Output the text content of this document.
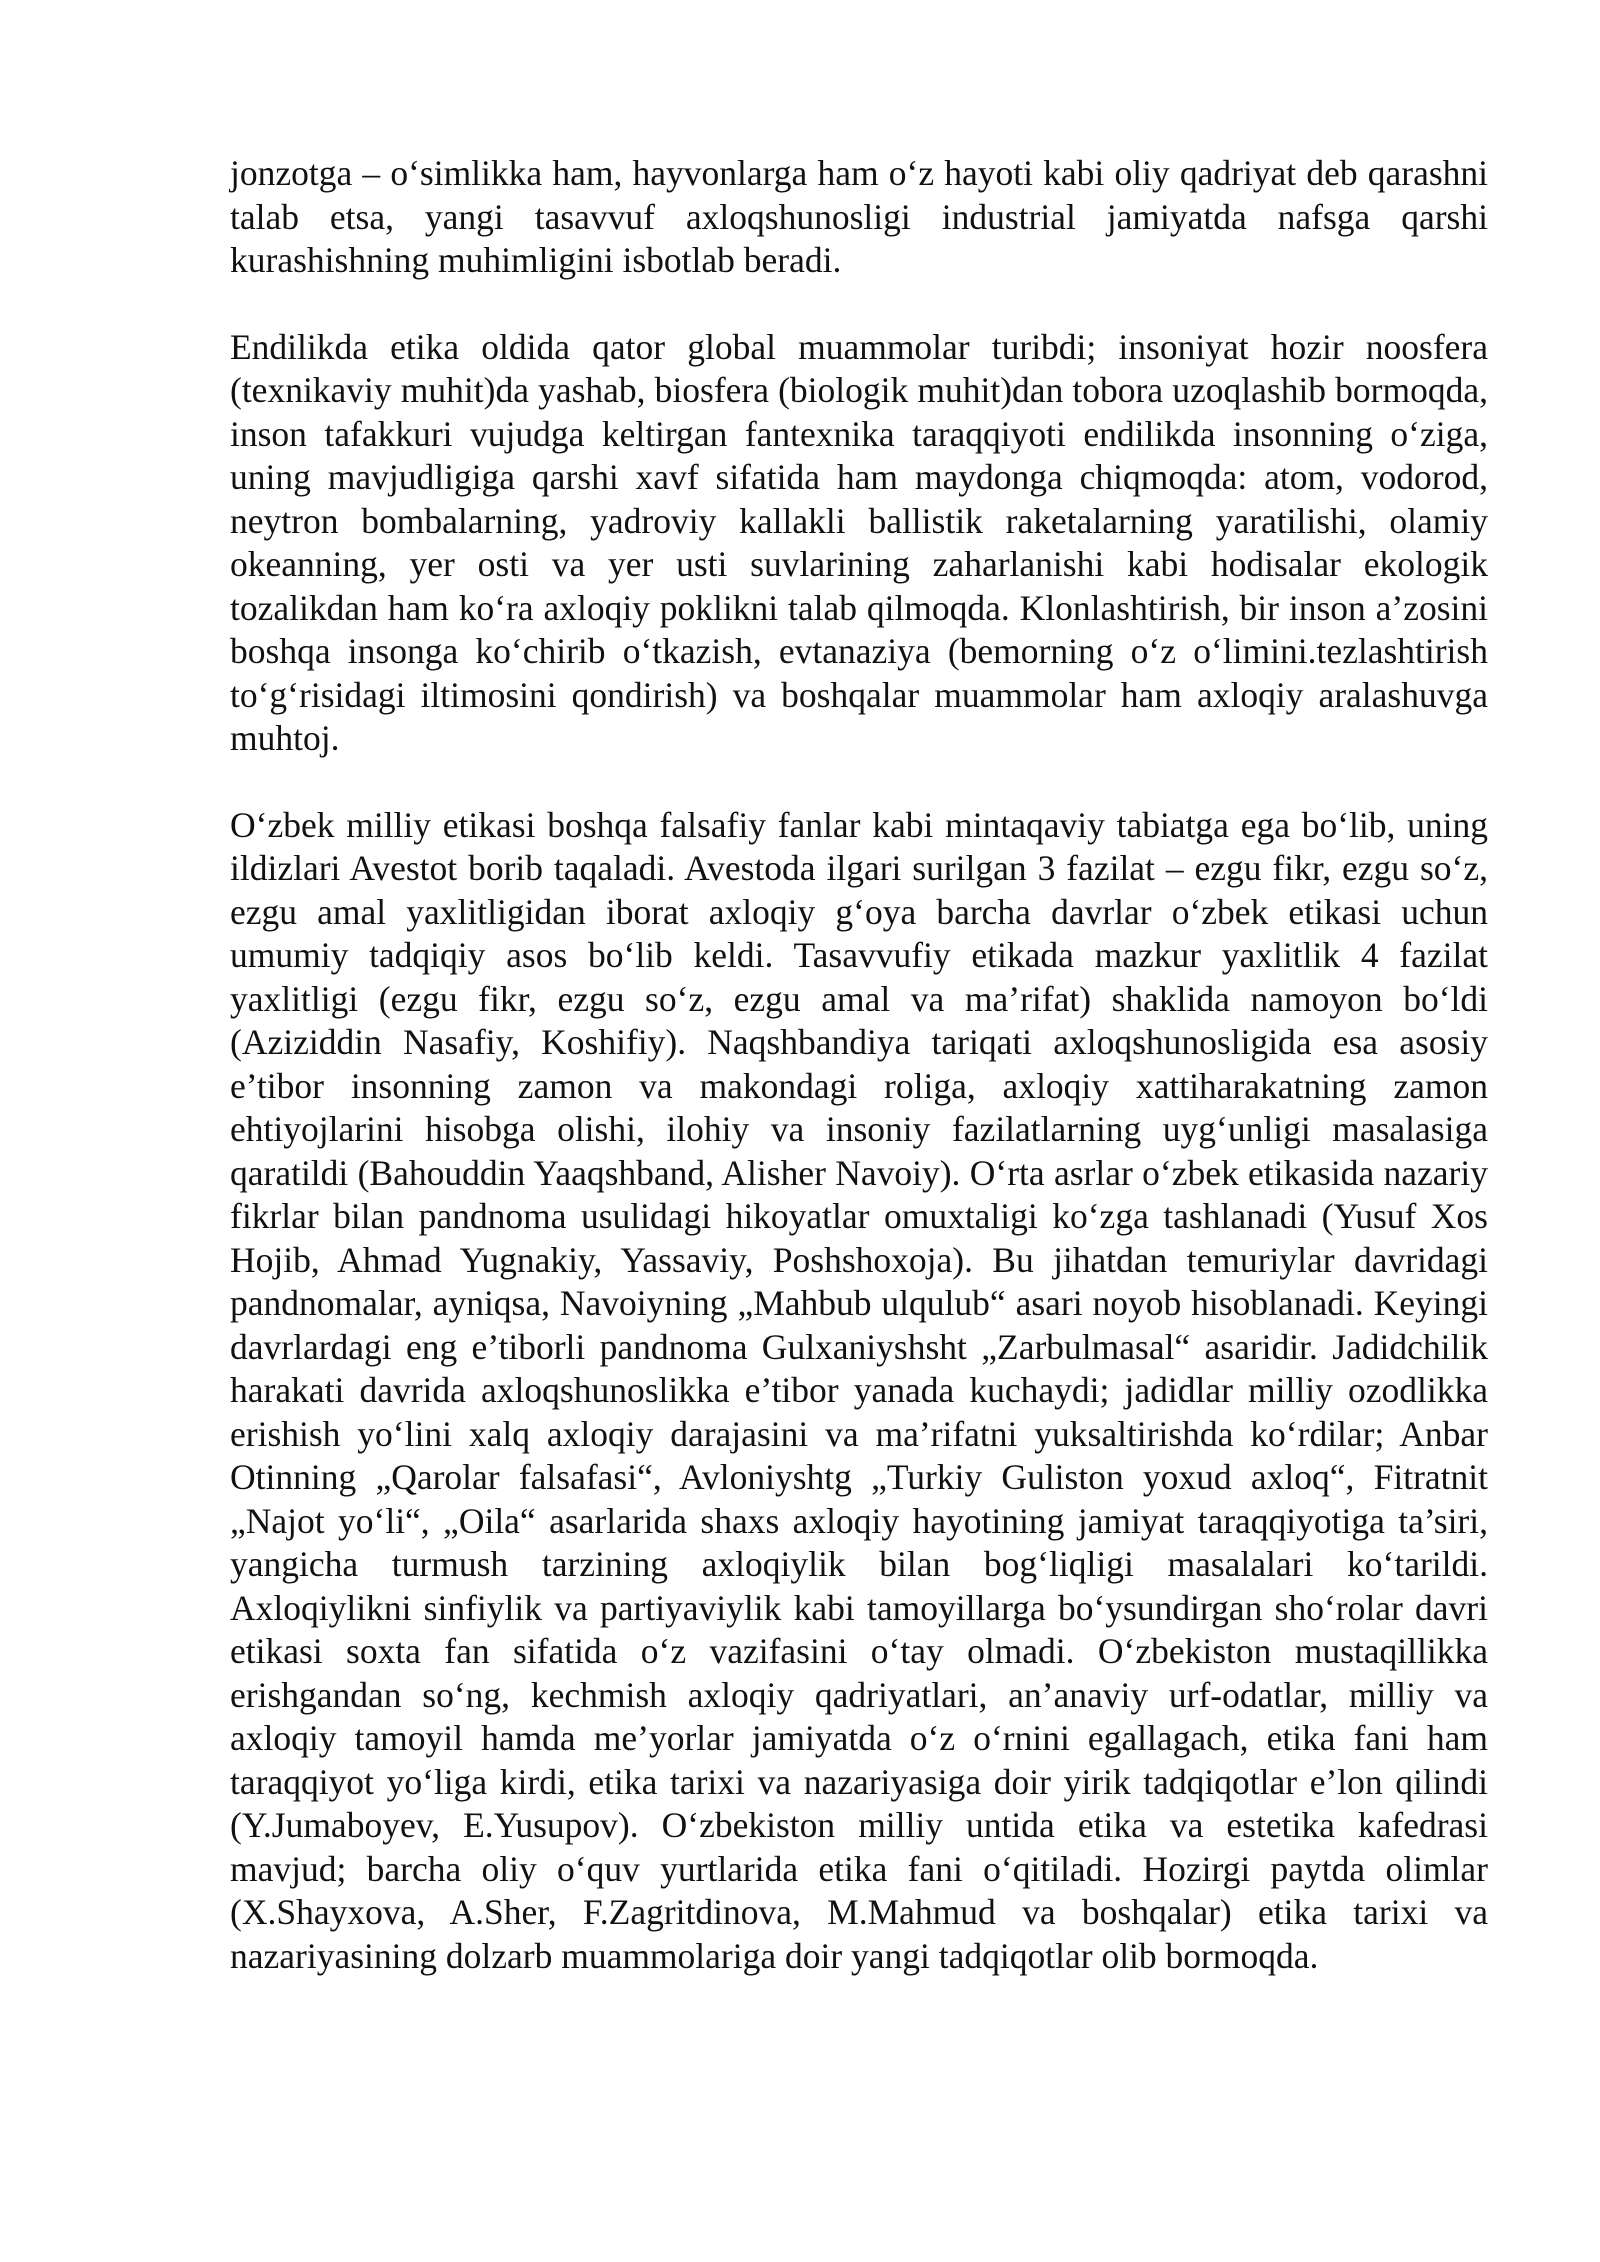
jonzotga – o‘simlikka ham, hayvonlarga ham o‘z hayoti kabi oliy qadriyat deb qarashni talab etsa, yangi tasavvuf axloqshunosligi industrial jamiyatda nafsga qarshi kurashishning muhimligini isbotlab beradi.

Endilikda etika oldida qator global muammolar turibdi; insoniyat hozir noosfera (texnikaviy muhit)da yashab, biosfera (biologik muhit)dan tobora uzoqlashib bormoqda, inson tafakkuri vujudga keltirgan fantexnika taraqqiyoti endilikda insonning o‘ziga, uning mavjudligiga qarshi xavf sifatida ham maydonga chiqmoqda: atom, vodorod, neytron bombalarning, yadroviy kallakli ballistik raketalarning yaratilishi, olamiy okeanning, yer osti va yer usti suvlarining zaharlanishi kabi hodisalar ekologik tozalikdan ham ko‘ra axloqiy poklikni talab qilmoqda. Klonlashtirish, bir inson a’zosini boshqa insonga ko‘chirib o‘tkazish, evtanaziya (bemorning o‘z o‘limini.tezlashtirish to‘g‘risidagi iltimosini qondirish) va boshqalar muammolar ham axloqiy aralashuvga muhtoj.

O‘zbek milliy etikasi boshqa falsafiy fanlar kabi mintaqaviy tabiatga ega bo‘lib, uning ildizlari Avestot borib taqaladi. Avestoda ilgari surilgan 3 fazilat – ezgu fikr, ezgu so‘z, ezgu amal yaxlitligidan iborat axloqiy g‘oya barcha davrlar o‘zbek etikasi uchun umumiy tadqiqiy asos bo‘lib keldi. Tasavvufiy etikada mazkur yaxlitlik 4 fazilat yaxlitligi (ezgu fikr, ezgu so‘z, ezgu amal va ma’rifat) shaklida namoyon bo‘ldi (Aziziddin Nasafiy, Koshifiy). Naqshbandiya tariqati axloqshunosligida esa asosiy e’tibor insonning zamon va makondagi roliga, axloqiy xattiharakatning zamon ehtiyojlarini hisobga olishi, ilohiy va insoniy fazilatlarning uyg‘unligi masalasiga qaratildi (Bahouddin Yaaqshband, Alisher Navoiy). O‘rta asrlar o‘zbek etikasida nazariy fikrlar bilan pandnoma usulidagi hikoyatlar omuxtaligi ko‘zga tashlanadi (Yusuf Xos Hojib, Ahmad Yugnakiy, Yassaviy, Poshshoxoja). Bu jihatdan temuriylar davridagi pandnomalar, ayniqsa, Navoiyning „Mahbub ulqulub“ asari noyob hisoblanadi. Keyingi davrlardagi eng e’tiborli pandnoma Gulxaniyshsht „Zarbulmasal“ asaridir. Jadidchilik harakati davrida axloqshunoslikka e’tibor yanada kuchaydi; jadidlar milliy ozodlikka erishish yo‘lini xalq axloqiy darajasini va ma’rifatni yuksaltirishda ko‘rdilar; Anbar Otinning „Qarolar falsafasi“, Avloniyshtg „Turkiy Guliston yoxud axloq“, Fitratnit „Najot yo‘li“, „Oila“ asarlarida shaxs axloqiy hayotining jamiyat taraqqiyotiga ta’siri, yangicha turmush tarzining axloqiylik bilan bog‘liqligi masalalari ko‘tarildi. Axloqiylikni sinfiylik va partiyaviylik kabi tamoyillarga bo‘ysundirgan sho‘rolar davri etikasi soxta fan sifatida o‘z vazifasini o‘tay olmadi. O‘zbekiston mustaqillikka erishgandan so‘ng, kechmish axloqiy qadriyatlari, an’anaviy urf-odatlar, milliy va axloqiy tamoyil hamda me’yorlar jamiyatda o‘z o‘rnini egallagach, etika fani ham taraqqiyot yo‘liga kirdi, etika tarixi va nazariyasiga doir yirik tadqiqotlar e’lon qilindi (Y.Jumaboyev, E.Yusupov). O‘zbekiston milliy untida etika va estetika kafedrasi mavjud; barcha oliy o‘quv yurtlarida etika fani o‘qitiladi. Hozirgi paytda olimlar (X.Shayxova, A.Sher, F.Zagritdinova, M.Mahmud va boshqalar) etika tarixi va nazariyasining dolzarb muammolariga doir yangi tadqiqotlar olib bormoqda.
